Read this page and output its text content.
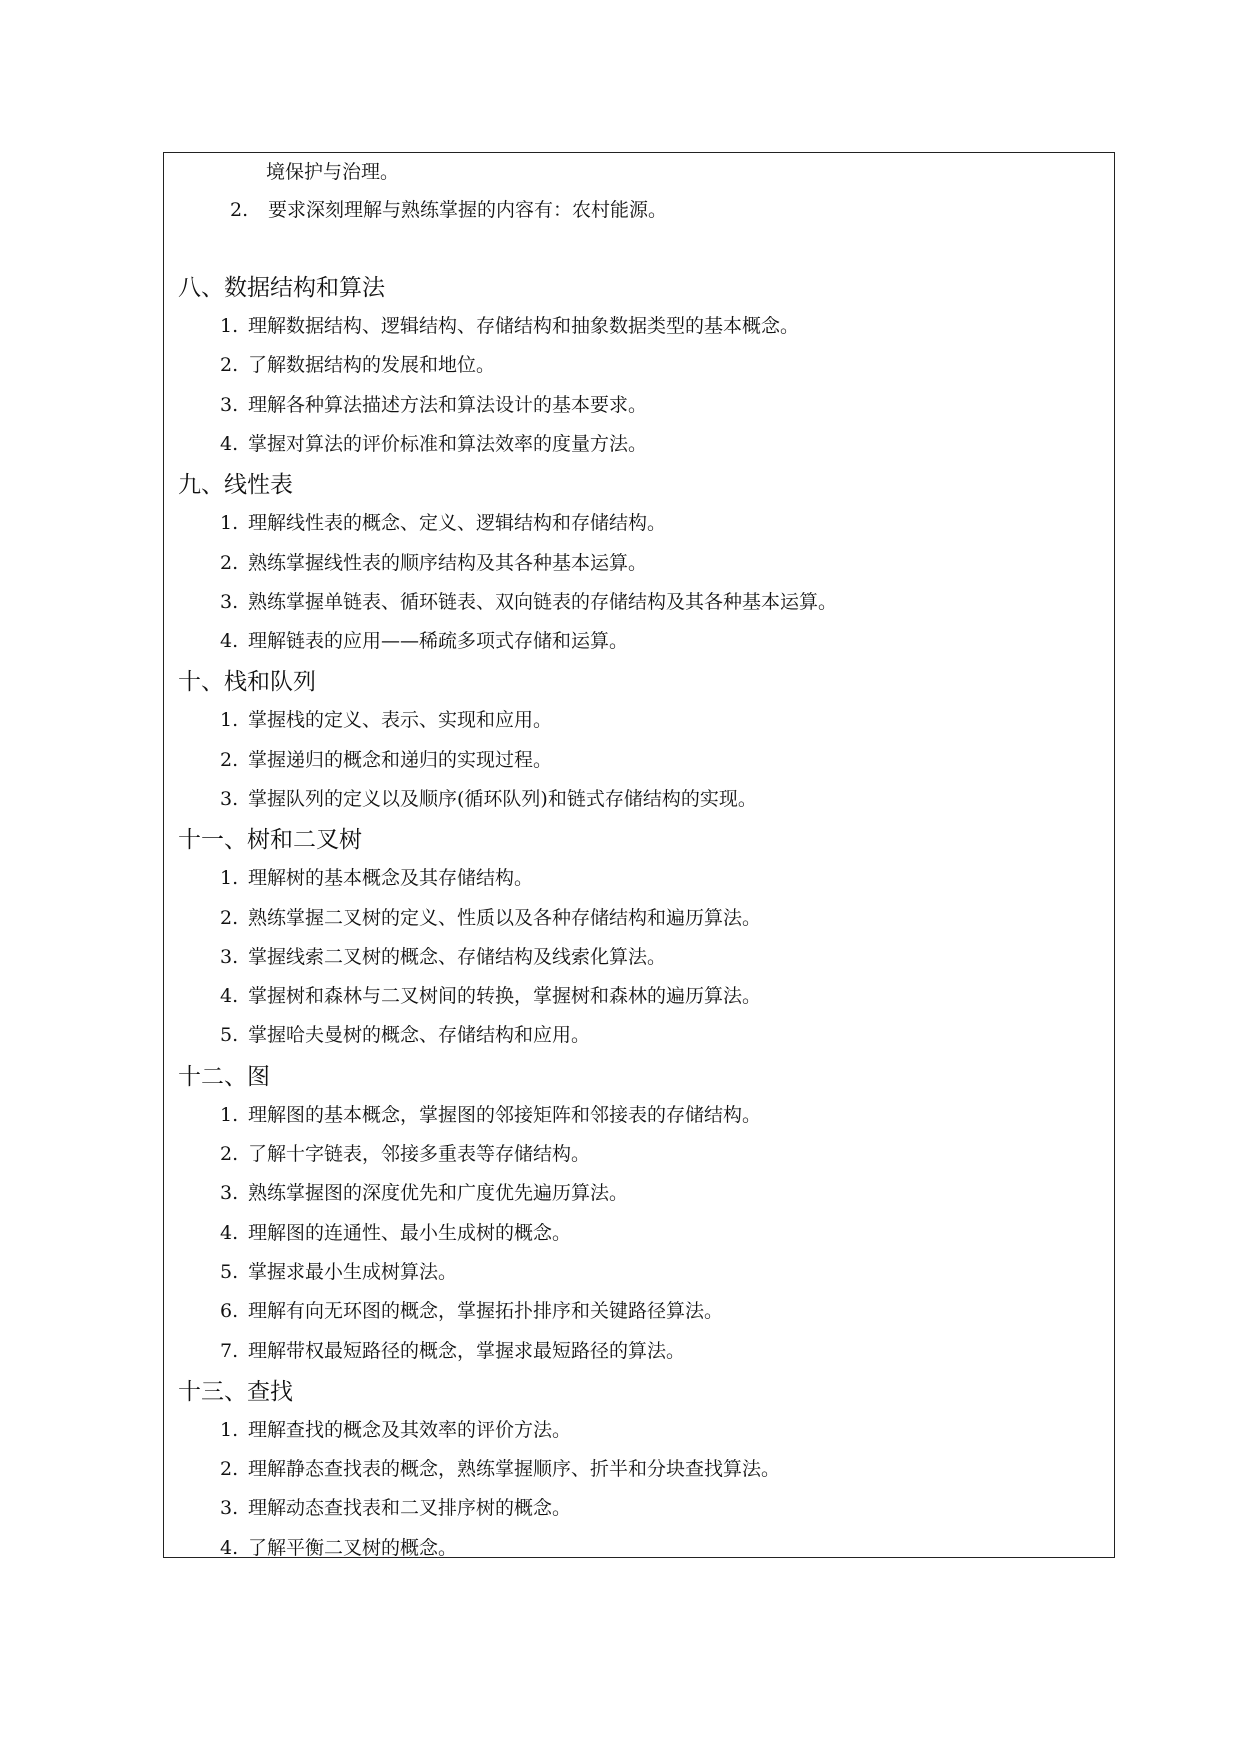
境保护与治理。
2. 要求深刻理解与熟练掌握的内容有：农村能源。
八、数据结构和算法
1. 理解数据结构、逻辑结构、存储结构和抽象数据类型的基本概念。
2. 了解数据结构的发展和地位。
3. 理解各种算法描述方法和算法设计的基本要求。
4. 掌握对算法的评价标准和算法效率的度量方法。
九、线性表
1. 理解线性表的概念、定义、逻辑结构和存储结构。
2. 熟练掌握线性表的顺序结构及其各种基本运算。
3. 熟练掌握单链表、循环链表、双向链表的存储结构及其各种基本运算。
4. 理解链表的应用——稀疏多项式存储和运算。
十、栈和队列
1. 掌握栈的定义、表示、实现和应用。
2. 掌握递归的概念和递归的实现过程。
3. 掌握队列的定义以及顺序(循环队列)和链式存储结构的实现。
十一、树和二叉树
1. 理解树的基本概念及其存储结构。
2. 熟练掌握二叉树的定义、性质以及各种存储结构和遍历算法。
3. 掌握线索二叉树的概念、存储结构及线索化算法。
4. 掌握树和森林与二叉树间的转换，掌握树和森林的遍历算法。
5. 掌握哈夫曼树的概念、存储结构和应用。
十二、图
1. 理解图的基本概念，掌握图的邻接矩阵和邻接表的存储结构。
2. 了解十字链表，邻接多重表等存储结构。
3. 熟练掌握图的深度优先和广度优先遍历算法。
4. 理解图的连通性、最小生成树的概念。
5. 掌握求最小生成树算法。
6. 理解有向无环图的概念，掌握拓扑排序和关键路径算法。
7. 理解带权最短路径的概念，掌握求最短路径的算法。
十三、查找
1. 理解查找的概念及其效率的评价方法。
2. 理解静态查找表的概念，熟练掌握顺序、折半和分块查找算法。
3. 理解动态查找表和二叉排序树的概念。
4. 了解平衡二叉树的概念。
